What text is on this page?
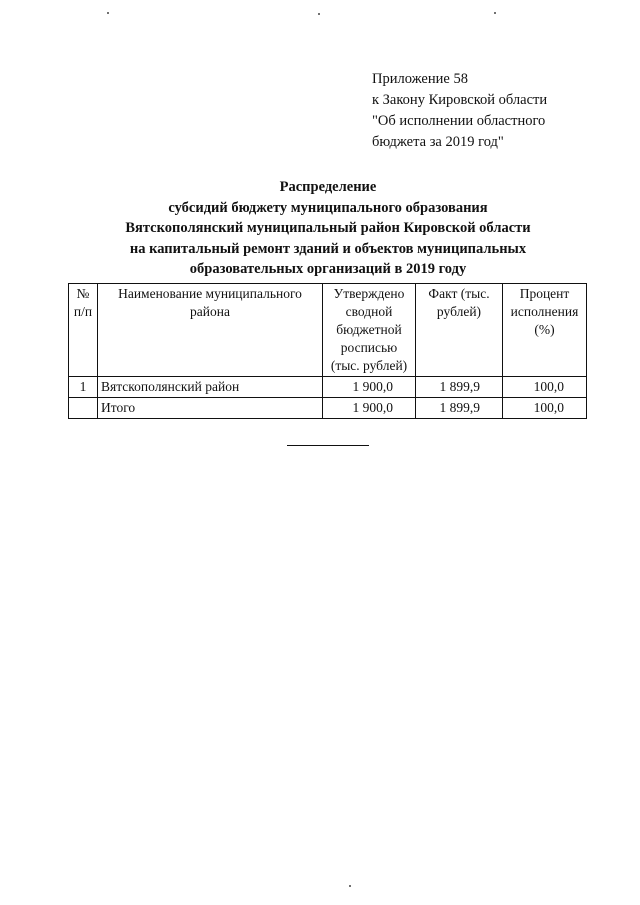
Приложение 58
к Закону Кировской области
"Об исполнении областного
бюджета за 2019 год"
Распределение
субсидий бюджету муниципального образования
Вятскополянский муниципальный район Кировской области
на капитальный ремонт зданий и объектов муниципальных
образовательных организаций в 2019 году
№ п/п	Наименование муниципального района	Утверждено сводной бюджетной росписью (тыс. рублей)	Факт (тыс. рублей)	Процент исполнения (%)
1	Вятскополянский район	1 900,0	1 899,9	100,0
	Итого	1 900,0	1 899,9	100,0
